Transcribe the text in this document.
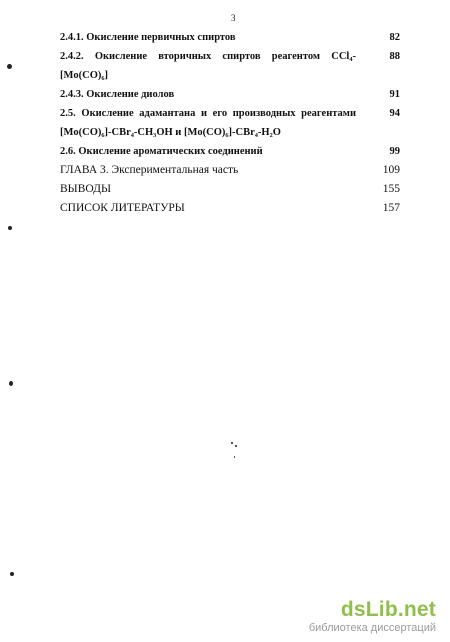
3
2.4.1. Окисление первичных спиртов	82
2.4.2. Окисление вторичных спиртов реагентом CCl₄-	88
[Mo(CO)₆]
2.4.3. Окисление диолов	91
2.5. Окисление адамантана и его производных реагентами	94
[Mo(CO)₆]-CBr₄-CH₃OH и [Mo(CO)₆]-CBr₄-H₂O
2.6. Окисление ароматических соединений	99
ГЛАВА 3. Экспериментальная часть	109
ВЫВОДЫ	155
СПИСОК ЛИТЕРАТУРЫ	157
dsLib.net
библиотека диссертаций
